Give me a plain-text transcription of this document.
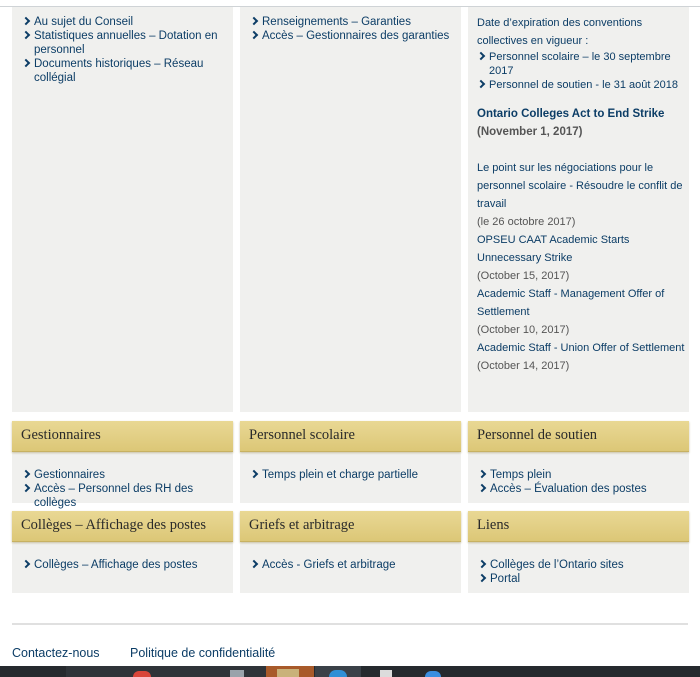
Au sujet du Conseil
Statistiques annuelles – Dotation en personnel
Documents historiques – Réseau collégial
Renseignements – Garanties
Accès – Gestionnaires des garanties

Date d’expiration des conventions collectives en vigueur :

Personnel scolaire – le 30 septembre 2017
Personnel de soutien - le 31 août 2018

Ontario Colleges Act to End Strike

(November 1, 2017)

Le point sur les négociations pour le personnel scolaire - Résoudre le conflit de travail

(le 26 octobre 2017)

OPSEU CAAT Academic Starts Unnecessary Strike

(October 15, 2017)

Academic Staff - Management Offer of Settlement

(October 10, 2017)

Academic Staff - Union Offer of Settlement

(October 14, 2017)

Gestionnaires
Gestionnaires
Accès – Personnel des RH des collèges
Personnel scolaire
Temps plein et charge partielle
Personnel de soutien
Temps plein
Accès – Évaluation des postes
Collèges – Affichage des postes
Collèges – Affichage des postes
Griefs et arbitrage
Accès - Griefs et arbitrage
Liens
Collèges de l’Ontario sites
Portal
Contactez-nous Politique de confidentialité
